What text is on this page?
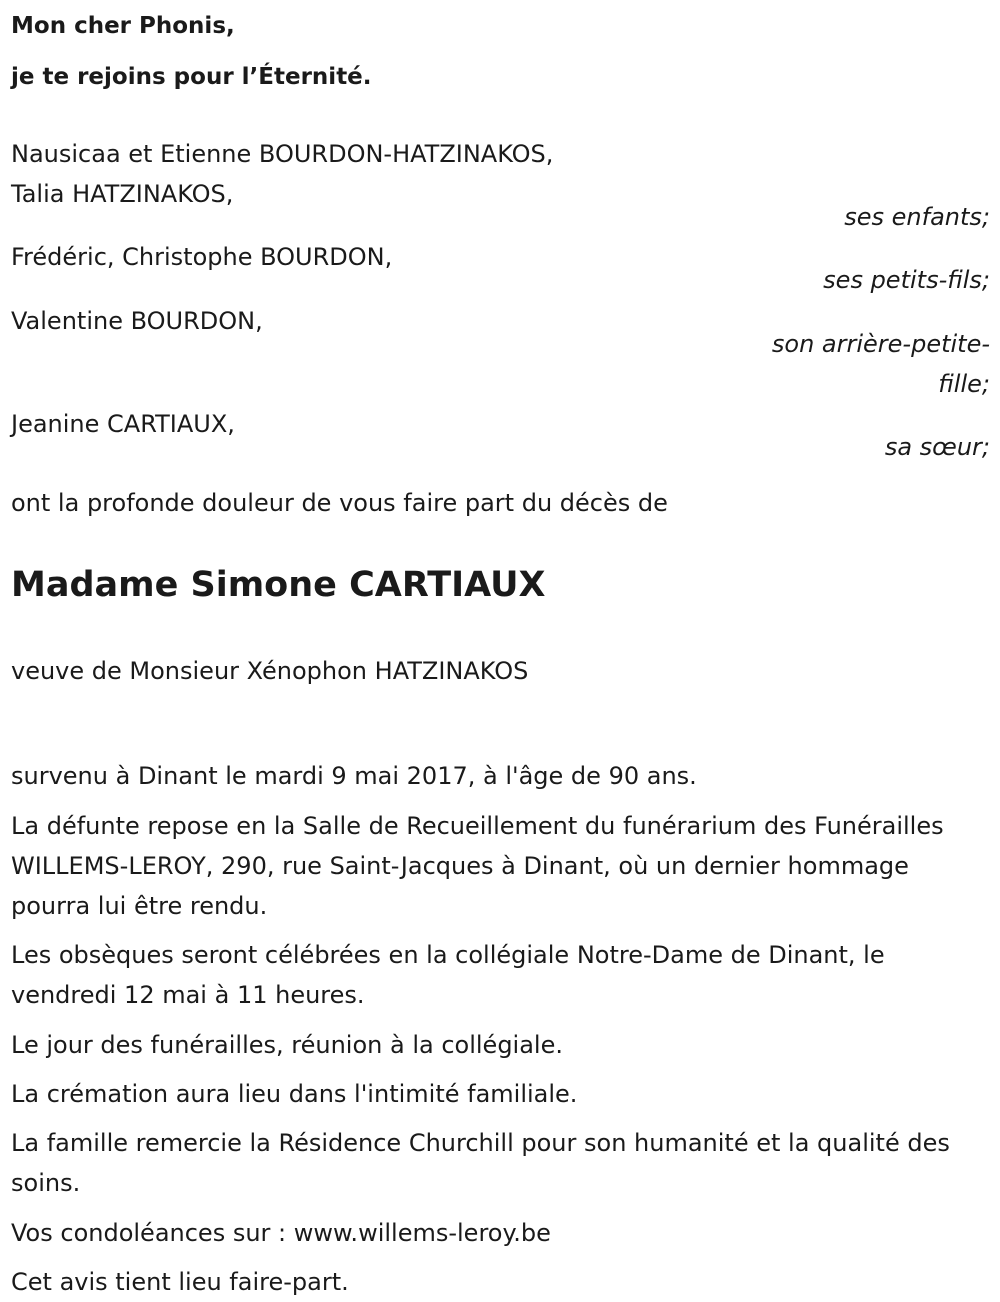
Mon cher Phonis,

je te rejoins pour l’Éternité.

Nausicaa et Etienne BOURDON-HATZINAKOS,

Talia HATZINAKOS,

ses enfants;

Frédéric, Christophe BOURDON,

ses petits-fils;

Valentine BOURDON,

son arrière-petite-

fille;

Jeanine CARTIAUX,

sa sœur;

ont la profonde douleur de vous faire part du décès de

Madame Simone CARTIAUX

veuve de Monsieur Xénophon HATZINAKOS

survenu à Dinant le mardi 9 mai 2017, à l'âge de 90 ans.

La défunte repose en la Salle de Recueillement du funérarium des Funérailles WILLEMS-LEROY, 290, rue Saint-Jacques à Dinant, où un dernier hommage pourra lui être rendu.

Les obsèques seront célébrées en la collégiale Notre-Dame de Dinant, le vendredi 12 mai à 11 heures.

Le jour des funérailles, réunion à la collégiale.

La crémation aura lieu dans l'intimité familiale.

La famille remercie la Résidence Churchill pour son humanité et la qualité des soins.

Vos condoléances sur : www.willems-leroy.be

Cet avis tient lieu faire-part.
